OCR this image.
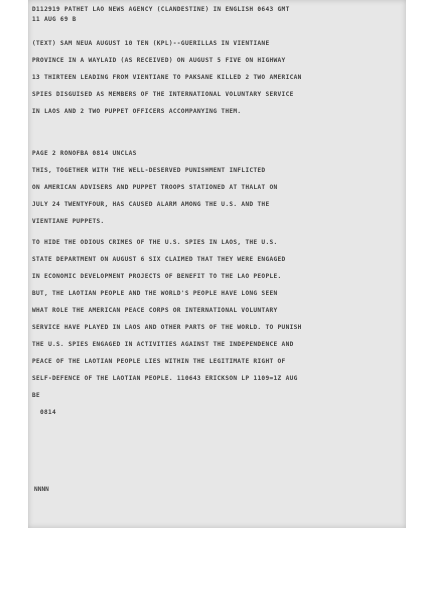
D112919 PATHET LAO NEWS AGENCY (CLANDESTINE) IN ENGLISH 0643 GMT
11 AUG 69 B
(TEXT) SAM NEUA AUGUST 10 TEN (KPL)--GUERILLAS IN VIENTIANE
PROVINCE IN A WAYLAID (AS RECEIVED) ON AUGUST 5 FIVE ON HIGHWAY
13 THIRTEEN LEADING FROM VIENTIANE TO PAKSANE KILLED 2 TWO AMERICAN
SPIES DISGUISED AS MEMBERS OF THE INTERNATIONAL VOLUNTARY SERVICE
IN LAOS AND 2 TWO PUPPET OFFICERS ACCOMPANYING THEM.
PAGE 2 RONOFBA 0814 UNCLAS
THIS, TOGETHER WITH THE WELL-DESERVED PUNISHMENT INFLICTED
ON AMERICAN ADVISERS AND PUPPET TROOPS STATIONED AT THALAT ON
JULY 24 TWENTYFOUR, HAS CAUSED ALARM AMONG THE U.S. AND THE
VIENTIANE PUPPETS.
TO HIDE THE ODIOUS CRIMES OF THE U.S. SPIES IN LAOS, THE U.S.
STATE DEPARTMENT ON AUGUST 6 SIX CLAIMED THAT THEY WERE ENGAGED
IN ECONOMIC DEVELOPMENT PROJECTS OF BENEFIT TO THE LAO PEOPLE.
BUT, THE LAOTIAN PEOPLE AND THE WORLD'S PEOPLE HAVE LONG SEEN
WHAT ROLE THE AMERICAN PEACE CORPS OR INTERNATIONAL VOLUNTARY
SERVICE HAVE PLAYED IN LAOS AND OTHER PARTS OF THE WORLD. TO PUNISH
THE U.S. SPIES ENGAGED IN ACTIVITIES AGAINST THE INDEPENDENCE AND
PEACE OF THE LAOTIAN PEOPLE LIES WITHIN THE LEGITIMATE RIGHT OF
SELF-DEFENCE OF THE LAOTIAN PEOPLE. 110643 ERICKSON LP 1109=1Z AUG
BE
0814
NNNN
